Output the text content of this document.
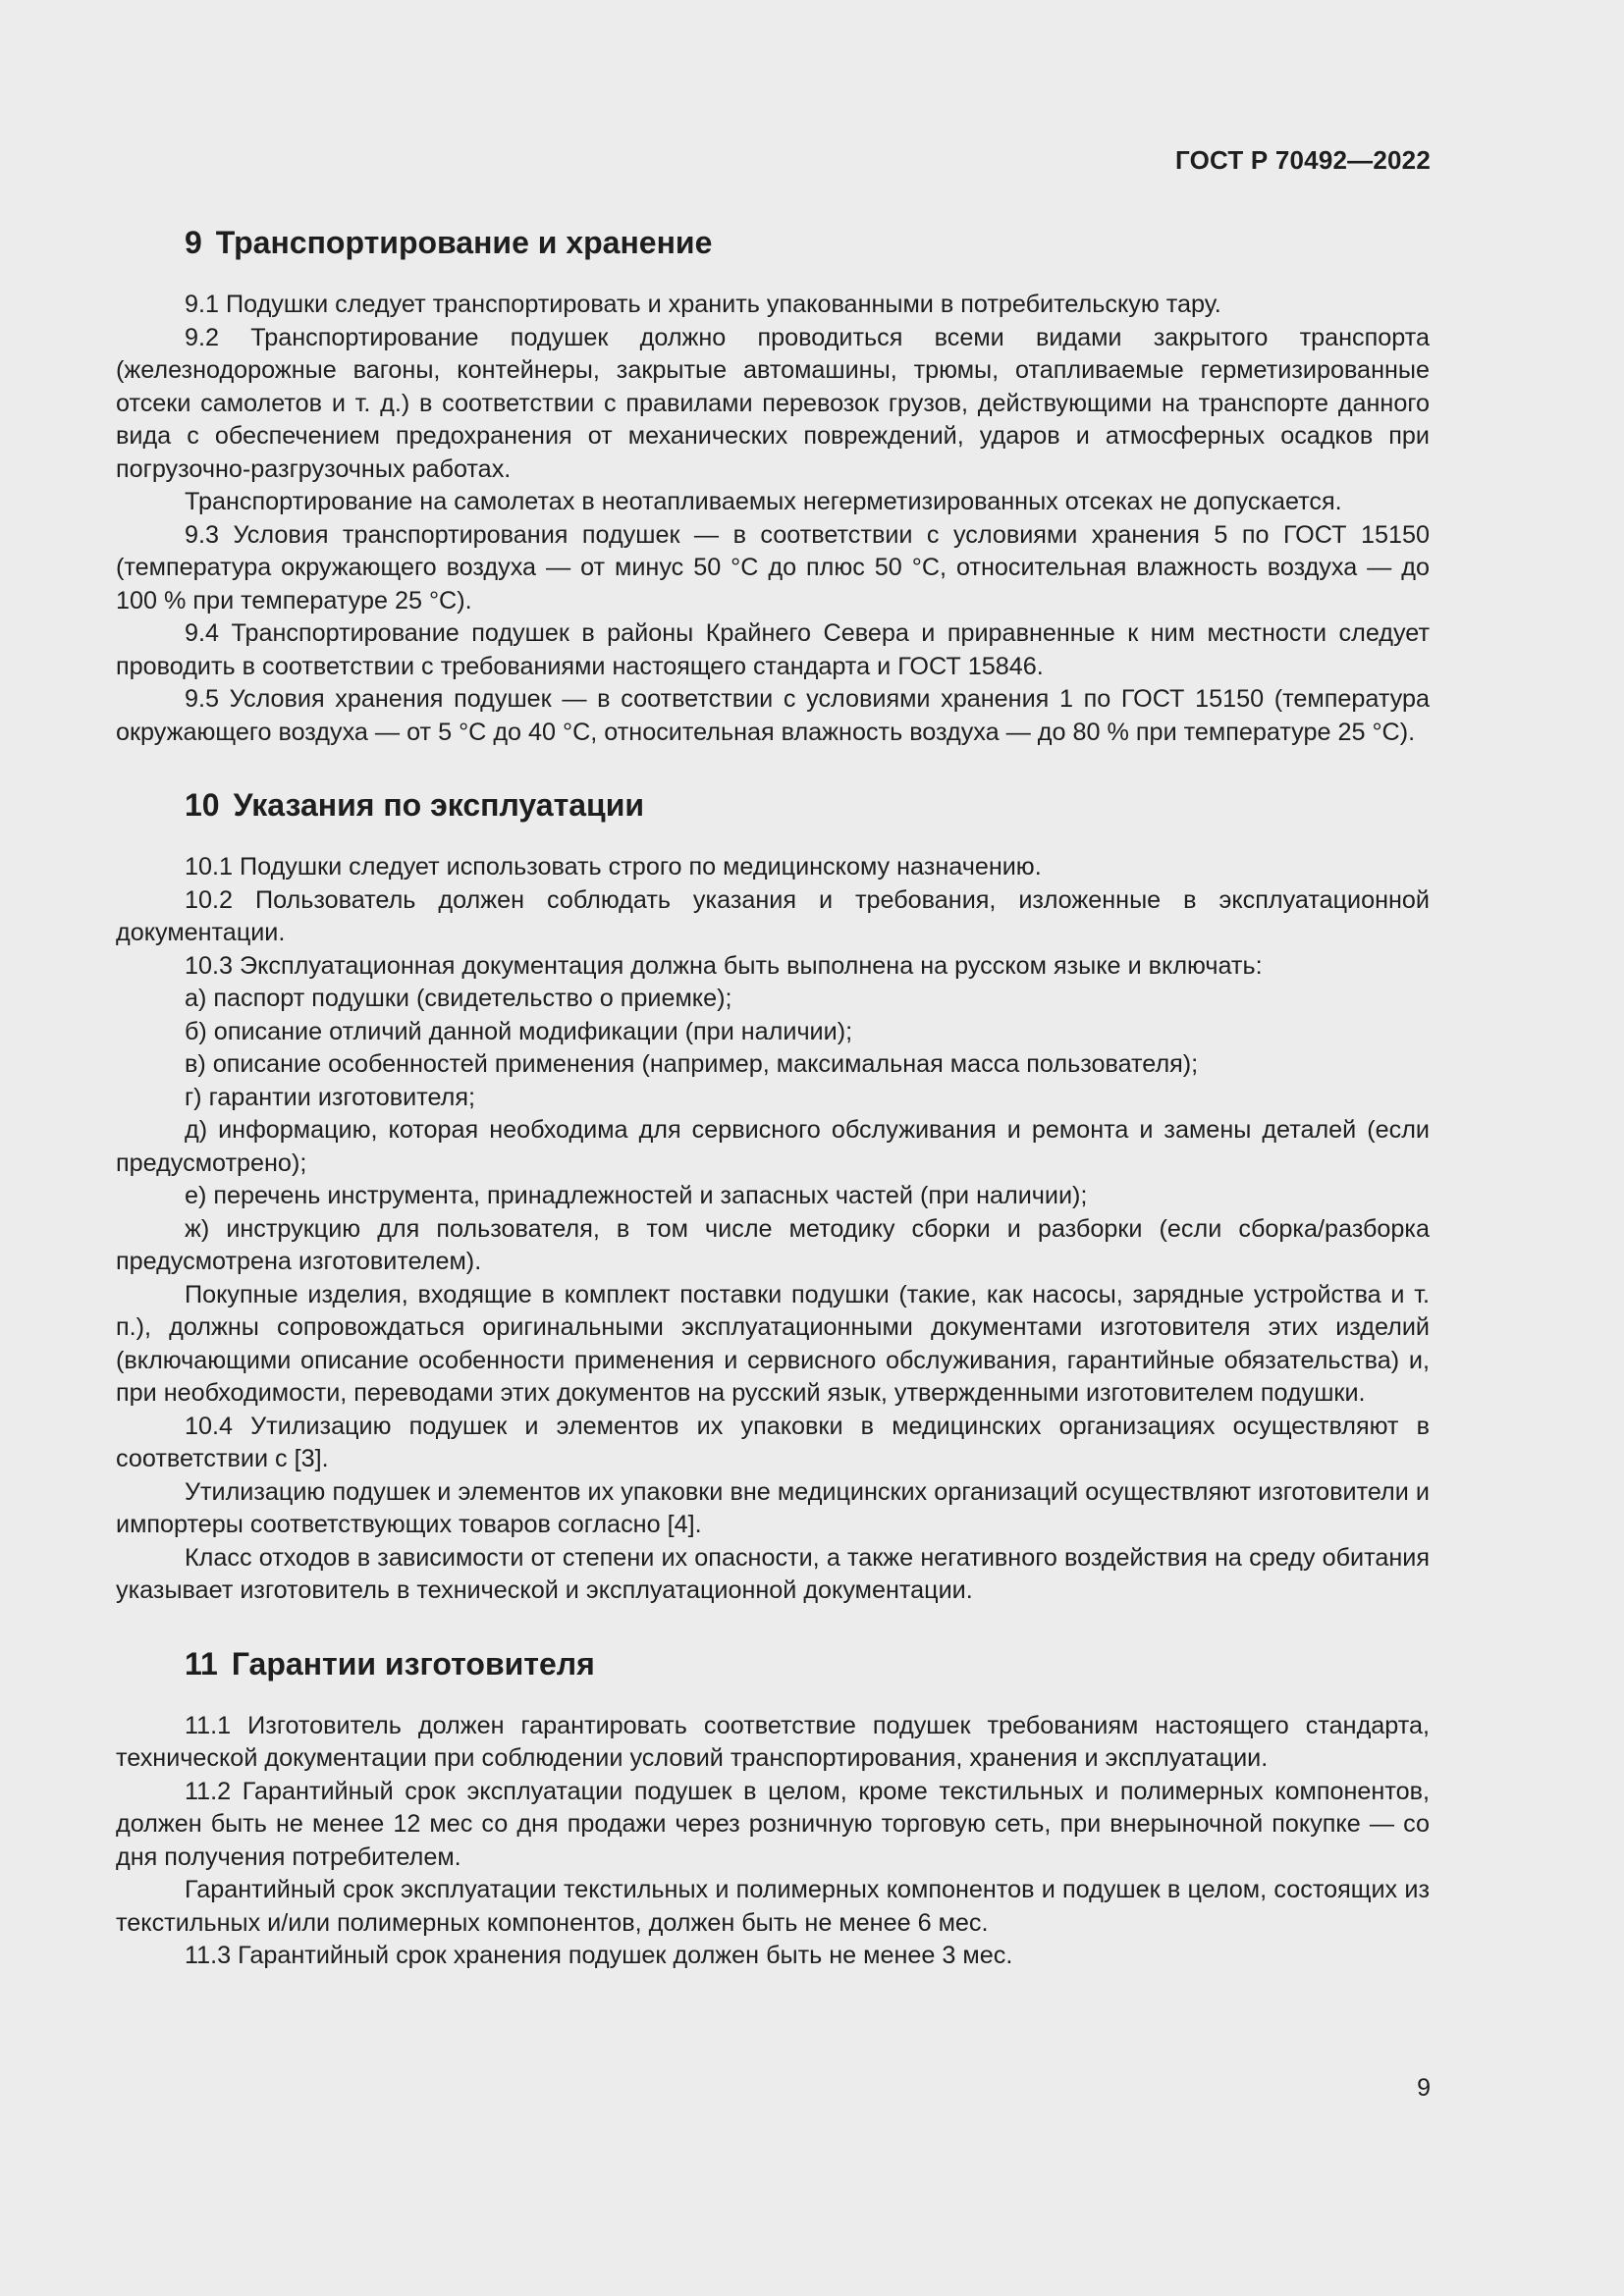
ГОСТ Р 70492—2022
9 Транспортирование и хранение

9.1 Подушки следует транспортировать и хранить упакованными в потребительскую тару.

9.2 Транспортирование подушек должно проводиться всеми видами закрытого транспорта (железнодорожные вагоны, контейнеры, закрытые автомашины, трюмы, отапливаемые герметизированные отсеки самолетов и т. д.) в соответствии с правилами перевозок грузов, действующими на транспорте данного вида с обеспечением предохранения от механических повреждений, ударов и атмосферных осадков при погрузочно-разгрузочных работах.

Транспортирование на самолетах в неотапливаемых негерметизированных отсеках не допускается.

9.3 Условия транспортирования подушек — в соответствии с условиями хранения 5 по ГОСТ 15150 (температура окружающего воздуха — от минус 50 °С до плюс 50 °С, относительная влажность воздуха — до 100 % при температуре 25 °С).

9.4 Транспортирование подушек в районы Крайнего Севера и приравненные к ним местности следует проводить в соответствии с требованиями настоящего стандарта и ГОСТ 15846.

9.5 Условия хранения подушек — в соответствии с условиями хранения 1 по ГОСТ 15150 (температура окружающего воздуха — от 5 °С до 40 °С, относительная влажность воздуха — до 80 % при температуре 25 °С).

10 Указания по эксплуатации

10.1 Подушки следует использовать строго по медицинскому назначению.

10.2 Пользователь должен соблюдать указания и требования, изложенные в эксплуатационной документации.

10.3 Эксплуатационная документация должна быть выполнена на русском языке и включать:

а) паспорт подушки (свидетельство о приемке);

б) описание отличий данной модификации (при наличии);

в) описание особенностей применения (например, максимальная масса пользователя);

г) гарантии изготовителя;

д) информацию, которая необходима для сервисного обслуживания и ремонта и замены деталей (если предусмотрено);

е) перечень инструмента, принадлежностей и запасных частей (при наличии);

ж) инструкцию для пользователя, в том числе методику сборки и разборки (если сборка/разборка предусмотрена изготовителем).

Покупные изделия, входящие в комплект поставки подушки (такие, как насосы, зарядные устройства и т. п.), должны сопровождаться оригинальными эксплуатационными документами изготовителя этих изделий (включающими описание особенности применения и сервисного обслуживания, гарантийные обязательства) и, при необходимости, переводами этих документов на русский язык, утвержденными изготовителем подушки.

10.4 Утилизацию подушек и элементов их упаковки в медицинских организациях осуществляют в соответствии с [3].

Утилизацию подушек и элементов их упаковки вне медицинских организаций осуществляют изготовители и импортеры соответствующих товаров согласно [4].

Класс отходов в зависимости от степени их опасности, а также негативного воздействия на среду обитания указывает изготовитель в технической и эксплуатационной документации.

11 Гарантии изготовителя

11.1 Изготовитель должен гарантировать соответствие подушек требованиям настоящего стандарта, технической документации при соблюдении условий транспортирования, хранения и эксплуатации.

11.2 Гарантийный срок эксплуатации подушек в целом, кроме текстильных и полимерных компонентов, должен быть не менее 12 мес со дня продажи через розничную торговую сеть, при внерыночной покупке — со дня получения потребителем.

Гарантийный срок эксплуатации текстильных и полимерных компонентов и подушек в целом, состоящих из текстильных и/или полимерных компонентов, должен быть не менее 6 мес.

11.3 Гарантийный срок хранения подушек должен быть не менее 3 мес.

9
